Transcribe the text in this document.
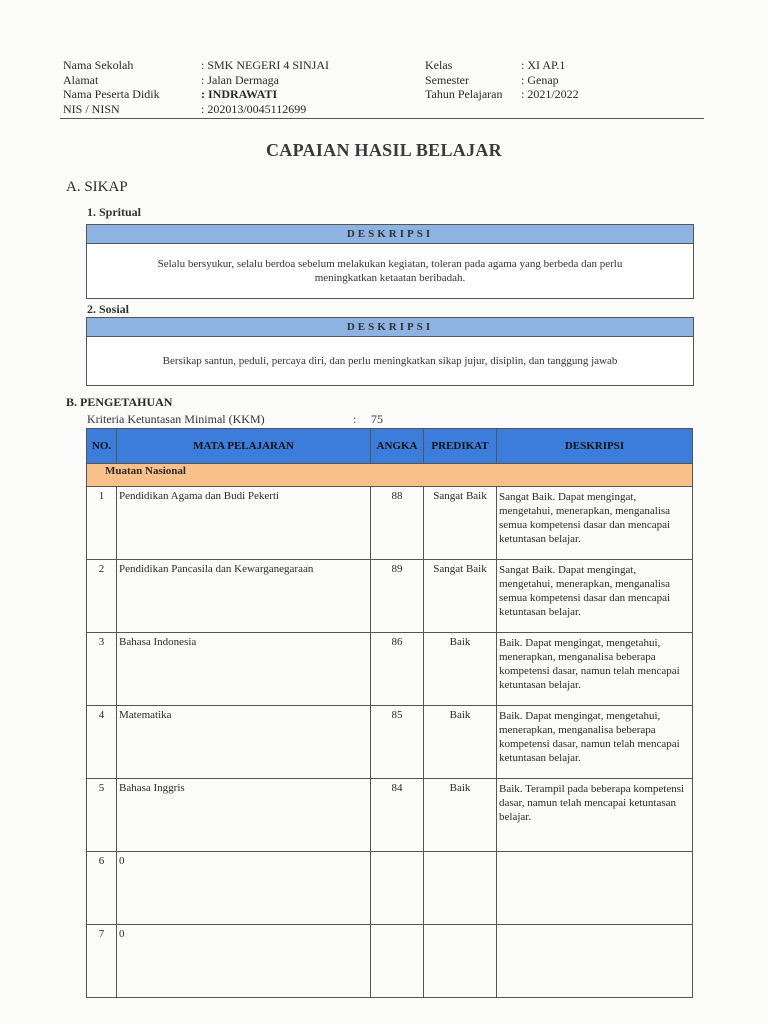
Nama Sekolah	: SMK NEGERI 4 SINJAI	Kelas	: XI AP.1
Alamat	: Jalan Dermaga	Semester	: Genap
Nama Peserta Didik	: INDRAWATI	Tahun Pelajaran	: 2021/2022
NIS / NISN	: 202013/0045112699
CAPAIAN HASIL BELAJAR
A. SIKAP
1. Spritual
DESKRIPSI
Selalu bersyukur, selalu berdoa sebelum melakukan kegiatan, toleran pada agama yang berbeda dan perlu meningkatkan ketaatan beribadah.
2. Sosial
DESKRIPSI
Bersikap santun, peduli, percaya diri, dan perlu meningkatkan sikap jujur, disiplin, dan tanggung jawab
B. PENGETAHUAN
Kriteria Ketuntasan Minimal (KKM)	:	75
NO.	MATA PELAJARAN	ANGKA	PREDIKAT	DESKRIPSI
Muatan Nasional				
1	Pendidikan Agama dan Budi Pekerti	88	Sangat Baik	Sangat Baik. Dapat mengingat, mengetahui, menerapkan, menganalisa semua kompetensi dasar dan mencapai ketuntasan belajar.
2	Pendidikan Pancasila dan Kewarganegaraan	89	Sangat Baik	Sangat Baik. Dapat mengingat, mengetahui, menerapkan, menganalisa semua kompetensi dasar dan mencapai ketuntasan belajar.
3	Bahasa Indonesia	86	Baik	Baik. Dapat mengingat, mengetahui, menerapkan, menganalisa beberapa kompetensi dasar, namun telah mencapai ketuntasan belajar.
4	Matematika	85	Baik	Baik. Dapat mengingat, mengetahui, menerapkan, menganalisa beberapa kompetensi dasar, namun telah mencapai ketuntasan belajar.
5	Bahasa Inggris	84	Baik	Baik. Terampil pada beberapa kompetensi dasar, namun telah mencapai ketuntasan belajar.
6	0			
7	0			
